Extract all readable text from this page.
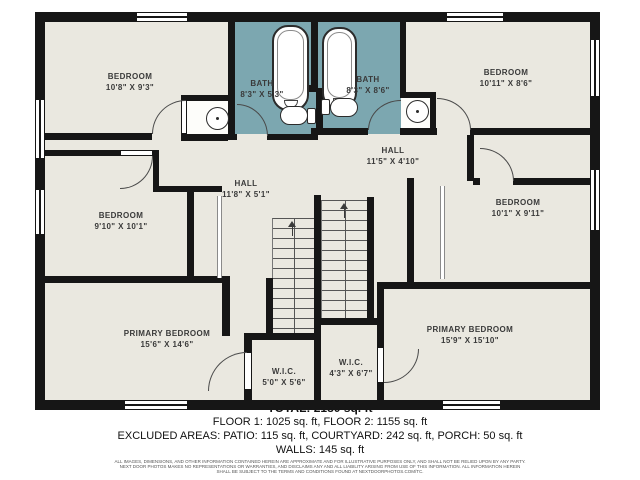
BEDROOM
10'8" X 9'3"	BATH
8'3" X 5'3"
BATH
8'3" X 8'6"
BEDROOM
10'11" X 8'6"
BEDROOM
9'10" X 10'1"
HALL
11'8" X 5'1"
HALL
11'5" X 4'10"
BEDROOM
10'1" X 9'11"
PRIMARY BEDROOM
15'6" X 14'6"
W.I.C.
5'0" X 5'6"
W.I.C.
4'3" X 6'7"
PRIMARY BEDROOM
15'9" X 15'10"
FLOOR 1: 1025 sq. ft, FLOOR 2: 1155 sq. ft
EXCLUDED AREAS: PATIO: 115 sq. ft, COURTYARD: 242 sq. ft, PORCH: 50 sq. ft
WALLS: 145 sq. ft
ALL IMAGES, DIMENSIONS, AND OTHER INFORMATION CONTAINED HEREIN ARE APPROXIMATE AND FOR ILLUSTRATIVE PURPOSES ONLY, AND SHALL NOT BE RELIED UPON BY ANY PARTY.
NEXT DOOR PHOTOS MAKES NO REPRESENTATIONS OR WARRANTIES, AND DISCLAIMS ANY AND ALL LIABILITY ARISING FROM USE OF THIS INFORMATION. ALL INFORMATION HEREIN
SHALL BE SUBJECT TO THE TERMS AND CONDITIONS FOUND AT NEXTDOORPHOTOS.COM/TC.
